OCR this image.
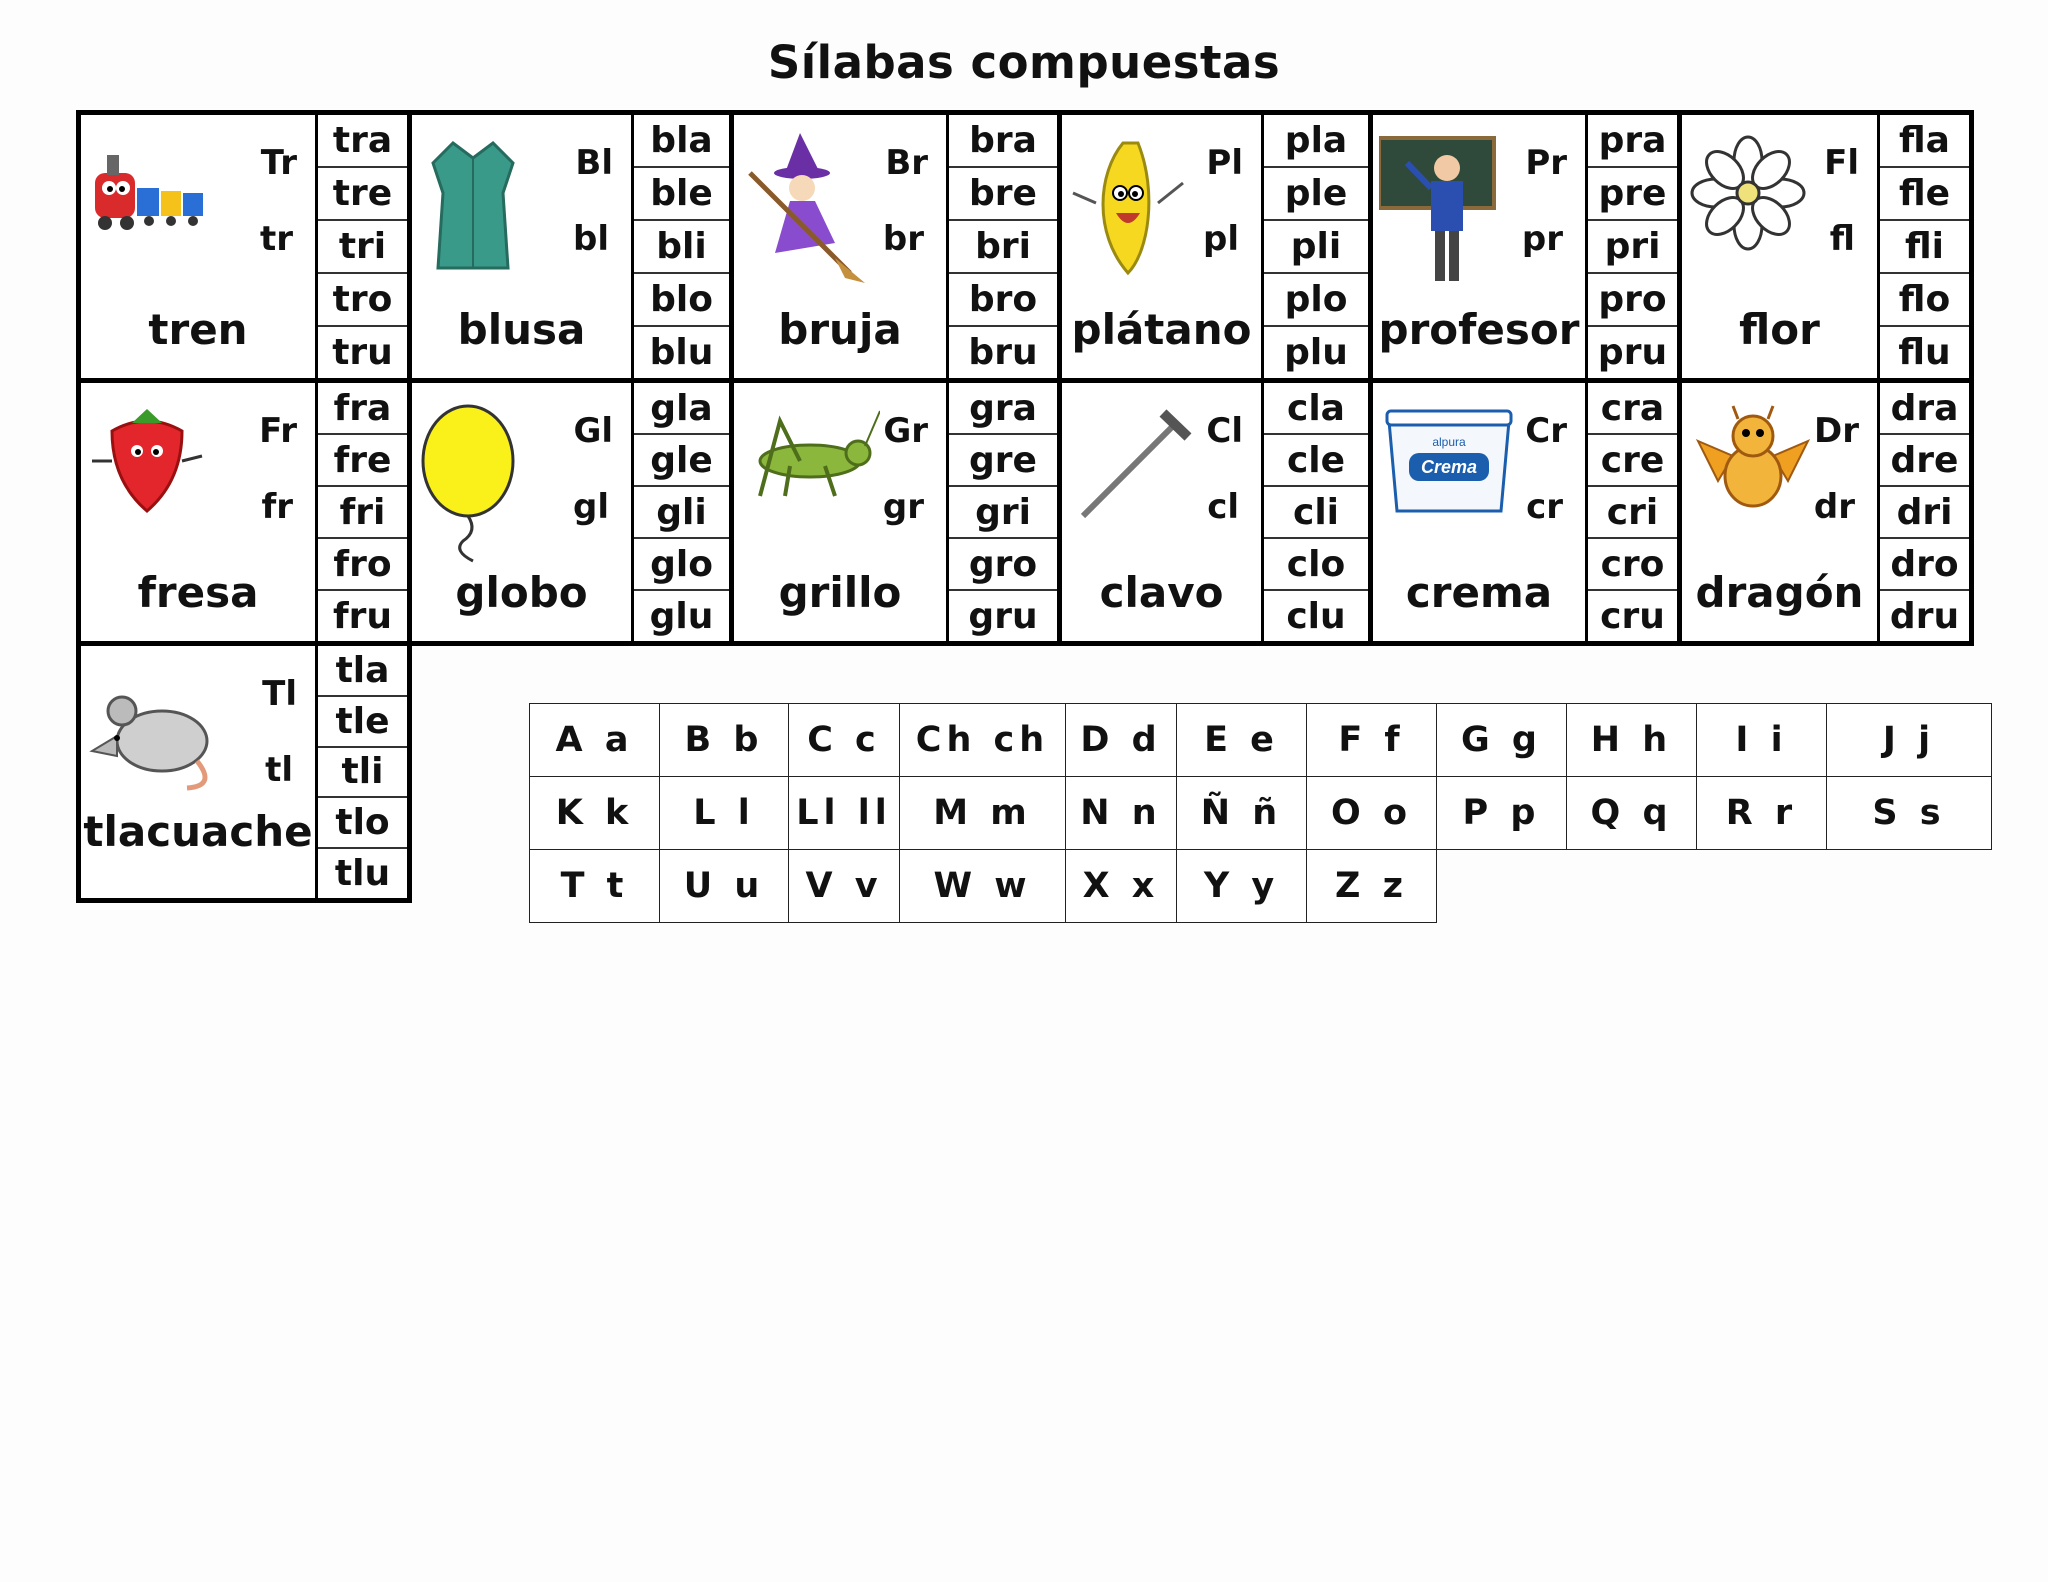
Sílabas compuestas
Tr
tr
tren
tra
tre
tri
tro
tru
Bl
bl
blusa
bla
ble
bli
blo
blu
Br
br
bruja
bra
bre
bri
bro
bru
Pl
pl
plátano
pla
ple
pli
plo
plu
Pr
pr
profesor
pra
pre
pri
pro
pru
Fl
fl
flor
fla
fle
fli
flo
flu
Fr
fr
fresa
fra
fre
fri
fro
fru
Gl
gl
globo
gla
gle
gli
glo
glu
Gr
gr
grillo
gra
gre
gri
gro
gru
Cl
cl
clavo
cla
cle
cli
clo
clu
Crema
alpura Cr
cr
crema
cra
cre
cri
cro
cru
Dr
dr
dragón
dra
dre
dri
dro
dru
Tl
tl
tlacuache
tla
tle
tli
tlo
tlu
A a	B b	C c	Ch ch	D d	E e	F f	G g	H h	I i	J j
K k	L l	Ll ll	M m	N n	Ñ ñ	O o	P p	Q q	R r	S s
T t	U u	V v	W w	X x	Y y	Z z				
